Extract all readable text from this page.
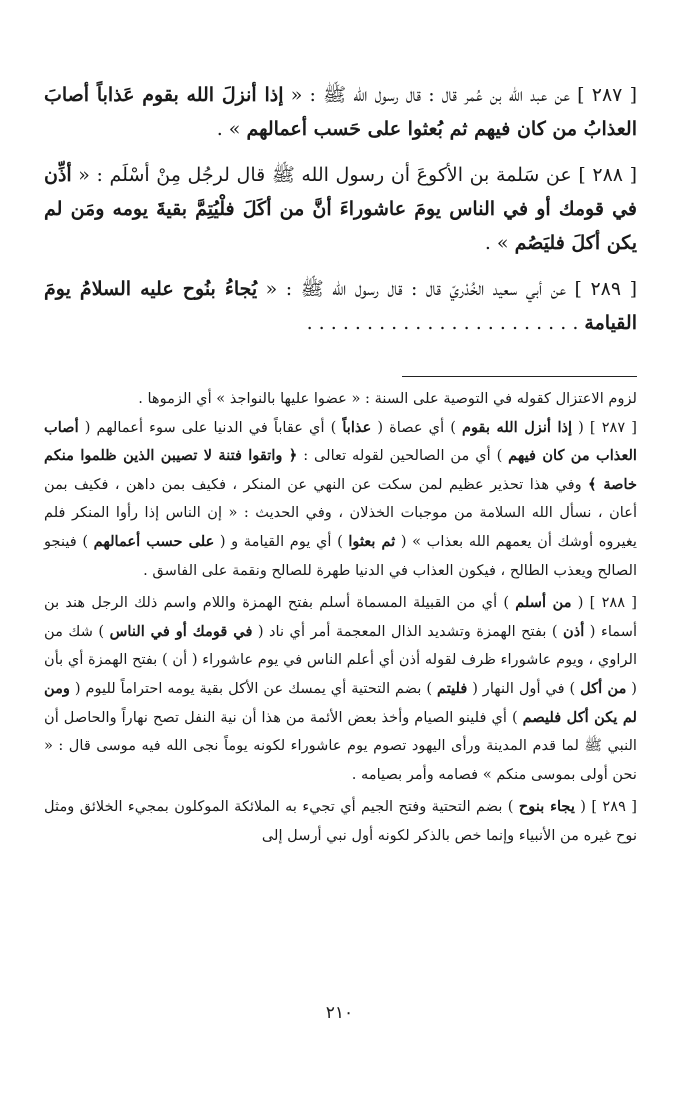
[ ٢٨٧ ] عن عبد الله بن عُمر قال : قال رسول الله ﷺ : « إذا أنزلَ الله بقوم عَذاباً أصابَ العذابُ من كان فيهم ثم بُعثوا على حَسب أعمالهم » .

[ ٢٨٨ ] عن سَلمة بن الأكوعَ أن رسول الله ﷺ قال لرجُل مِنْ أسْلَم : « أذِّن في قومك أو في الناس يومَ عاشوراءَ أنَّ من أكَلَ فلْيُتِمَّ بقيةَ يومه ومَن لم يكن أكلَ فليَصُم » .

[ ٢٨٩ ] عن أبي سعيد الخُدْريّ قال : قال رسول الله ﷺ : « يُجاءُ بنُوح عليه السلامُ يومَ القيامة . . . . . . . . . . . . . . . . . . . . . . .

لزوم الاعتزال كقوله في التوصية على السنة : « عضوا عليها بالنواجذ » أي الزموها .

[ ٢٨٧ ] ( إذا أنزل الله بقوم ) أي عصاة ( عذاباً ) أي عقاباً في الدنيا على سوء أعمالهم ( أصاب العذاب من كان فيهم ) أي من الصالحين لقوله تعالى : ﴿ واتقوا فتنة لا تصيبن الذين ظلموا منكم خاصة ﴾ وفي هذا تحذير عظيم لمن سكت عن النهي عن المنكر ، فكيف بمن داهن ، فكيف بمن أعان ، نسأل الله السلامة من موجبات الخذلان ، وفي الحديث : « إن الناس إذا رأوا المنكر فلم يغيروه أوشك أن يعمهم الله بعذاب » ( ثم بعثوا ) أي يوم القيامة و ( على حسب أعمالهم ) فينجو الصالح ويعذب الطالح ، فيكون العذاب في الدنيا طهرة للصالح ونقمة على الفاسق .

[ ٢٨٨ ] ( من أسلم ) أي من القبيلة المسماة أسلم بفتح الهمزة واللام واسم ذلك الرجل هند بن أسماء ( أذن ) بفتح الهمزة وتشديد الذال المعجمة أمر أي ناد ( في قومك أو في الناس ) شك من الراوي ، ويوم عاشوراء ظرف لقوله أذن أي أعلم الناس في يوم عاشوراء ( أن ) بفتح الهمزة أي بأن ( من أكل ) في أول النهار ( فليتم ) بضم التحتية أي يمسك عن الأكل بقية يومه احتراماً لليوم ( ومن لم يكن أكل فليصم ) أي فلينو الصيام وأخذ بعض الأئمة من هذا أن نية النفل تصح نهاراً والحاصل أن النبي ﷺ لما قدم المدينة ورأى اليهود تصوم يوم عاشوراء لكونه يوماً نجى الله فيه موسى قال : « نحن أولى بموسى منكم » فصامه وأمر بصيامه .

[ ٢٨٩ ] ( يجاء بنوح ) بضم التحتية وفتح الجيم أي تجيء به الملائكة الموكلون بمجيء الخلائق ومثل نوح غيره من الأنبياء وإنما خص بالذكر لكونه أول نبي أرسل إلى

٢١٠
